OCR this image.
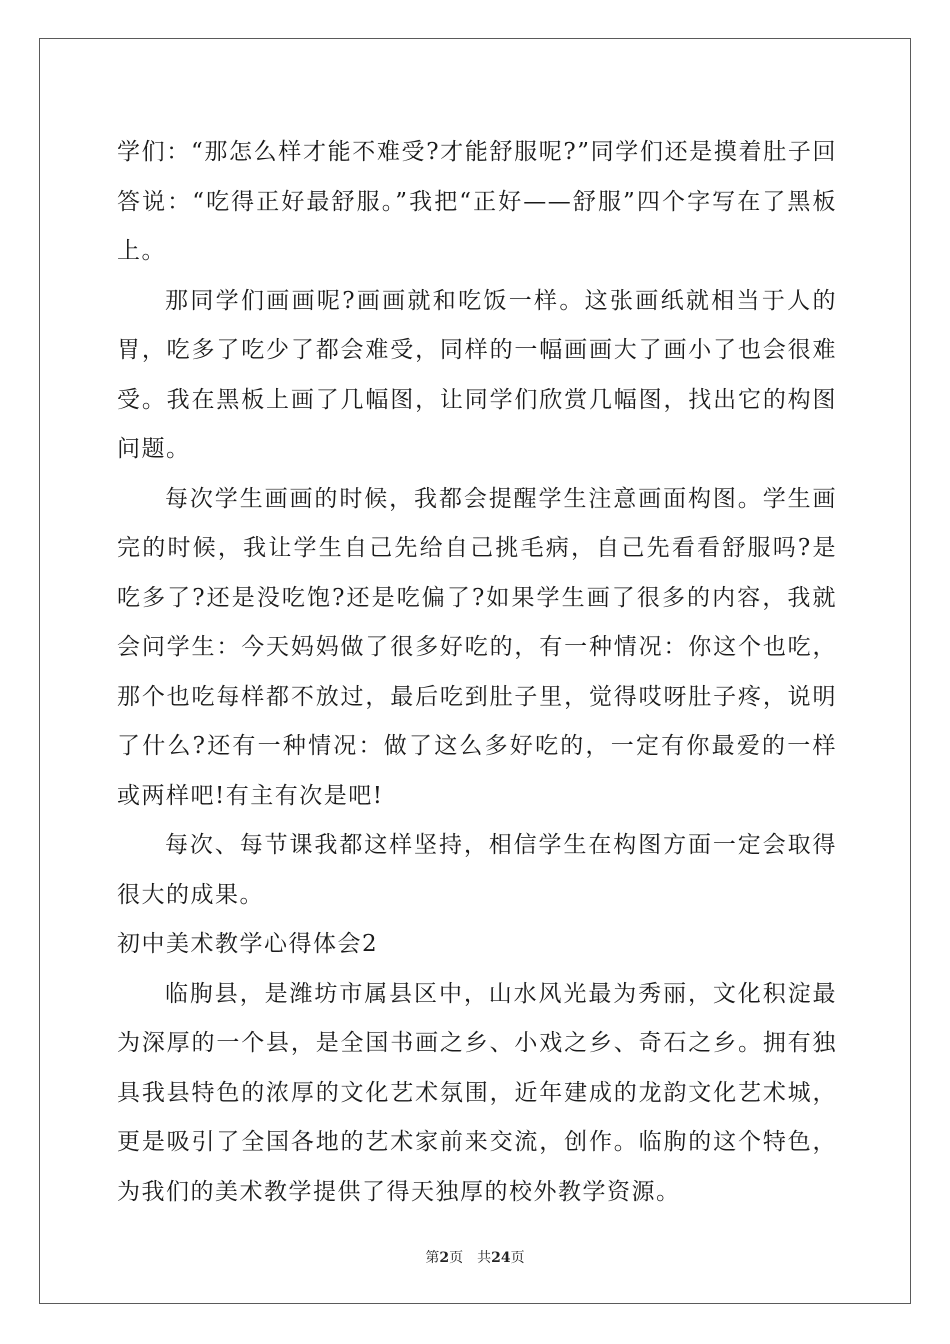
学们：“那怎么样才能不难受?才能舒服呢?”同学们还是摸着肚子回答说：“吃得正好最舒服。”我把“正好——舒服”四个字写在了黑板上。

那同学们画画呢?画画就和吃饭一样。这张画纸就相当于人的胃，吃多了吃少了都会难受，同样的一幅画画大了画小了也会很难受。我在黑板上画了几幅图，让同学们欣赏几幅图，找出它的构图问题。

每次学生画画的时候，我都会提醒学生注意画面构图。学生画完的时候，我让学生自己先给自己挑毛病，自己先看看舒服吗?是吃多了?还是没吃饱?还是吃偏了?如果学生画了很多的内容，我就会问学生：今天妈妈做了很多好吃的，有一种情况：你这个也吃，那个也吃每样都不放过，最后吃到肚子里，觉得哎呀肚子疼，说明了什么?还有一种情况：做了这么多好吃的，一定有你最爱的一样或两样吧!有主有次是吧!

每次、每节课我都这样坚持，相信学生在构图方面一定会取得很大的成果。

初中美术教学心得体会2

临朐县，是潍坊市属县区中，山水风光最为秀丽，文化积淀最为深厚的一个县，是全国书画之乡、小戏之乡、奇石之乡。拥有独具我县特色的浓厚的文化艺术氛围，近年建成的龙韵文化艺术城，更是吸引了全国各地的艺术家前来交流，创作。临朐的这个特色，为我们的美术教学提供了得天独厚的校外教学资源。

第2页 共24页
